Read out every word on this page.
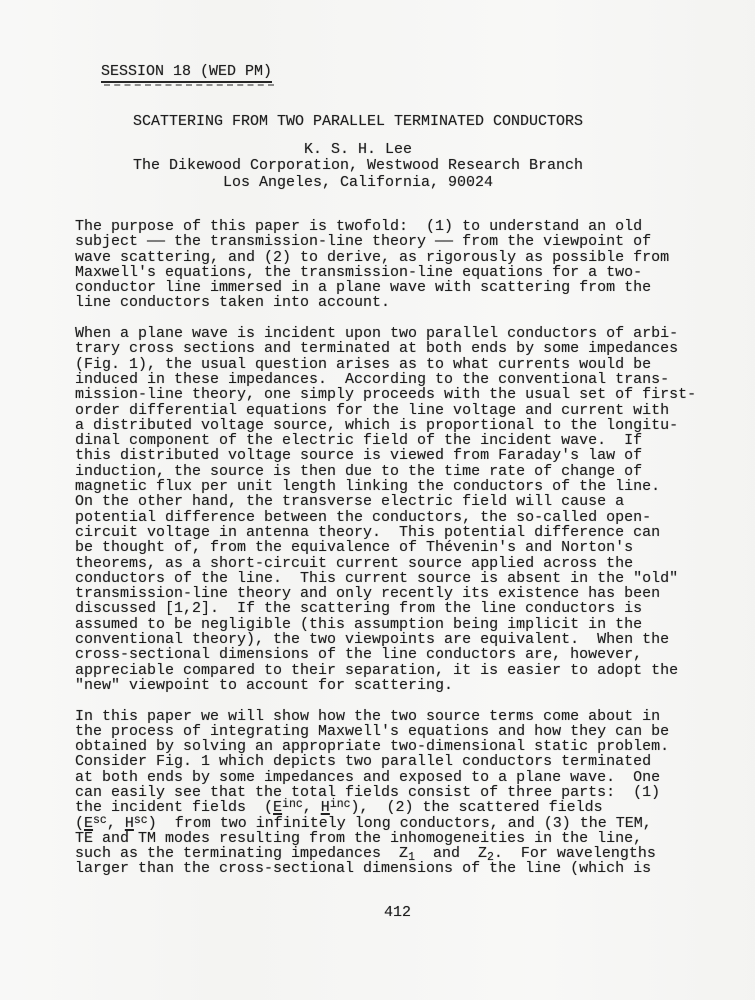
SESSION 18 (WED PM)
SCATTERING FROM TWO PARALLEL TERMINATED CONDUCTORS
K. S. H. Lee
The Dikewood Corporation, Westwood Research Branch
Los Angeles, California, 90024
The purpose of this paper is twofold:  (1) to understand an old
subject —— the transmission-line theory —— from the viewpoint of
wave scattering, and (2) to derive, as rigorously as possible from
Maxwell's equations, the transmission-line equations for a two-
conductor line immersed in a plane wave with scattering from the
line conductors taken into account.
When a plane wave is incident upon two parallel conductors of arbi-
trary cross sections and terminated at both ends by some impedances
(Fig. 1), the usual question arises as to what currents would be
induced in these impedances.  According to the conventional trans-
mission-line theory, one simply proceeds with the usual set of first-
order differential equations for the line voltage and current with
a distributed voltage source, which is proportional to the longitu-
dinal component of the electric field of the incident wave.  If
this distributed voltage source is viewed from Faraday's law of
induction, the source is then due to the time rate of change of
magnetic flux per unit length linking the conductors of the line.
On the other hand, the transverse electric field will cause a
potential difference between the conductors, the so-called open-
circuit voltage in antenna theory.  This potential difference can
be thought of, from the equivalence of Thévenin's and Norton's
theorems, as a short-circuit current source applied across the
conductors of the line.  This current source is absent in the "old"
transmission-line theory and only recently its existence has been
discussed [1,2].  If the scattering from the line conductors is
assumed to be negligible (this assumption being implicit in the
conventional theory), the two viewpoints are equivalent.  When the
cross-sectional dimensions of the line conductors are, however,
appreciable compared to their separation, it is easier to adopt the
"new" viewpoint to account for scattering.
In this paper we will show how the two source terms come about in
the process of integrating Maxwell's equations and how they can be
obtained by solving an appropriate two-dimensional static problem.
Consider Fig. 1 which depicts two parallel conductors terminated
at both ends by some impedances and exposed to a plane wave.  One
can easily see that the total fields consist of three parts:  (1)
the incident fields  ($E^{inc}$, $H^{inc}$),  (2) the scattered fields
($E^{sc}$, $H^{sc}$)  from two infinitely long conductors, and (3) the TEM,
TE and TM modes resulting from the inhomogeneities in the line,
such as the terminating impedances  $Z_1$  and  $Z_2$.  For wavelengths
larger than the cross-sectional dimensions of the line (which is
412
